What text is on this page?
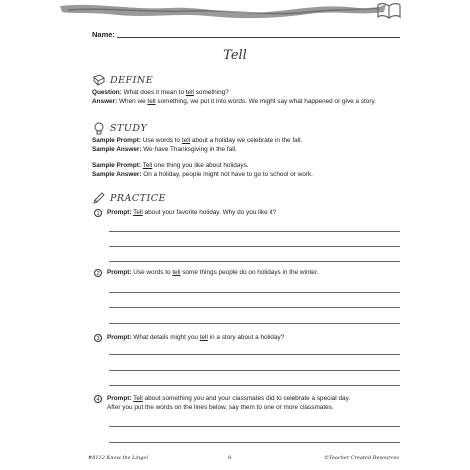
Name:
Tell
DEFINE
Question: What does it mean to tell something?
Answer: When we tell something, we put it into words. We might say what happened or give a story.
STUDY
Sample Prompt: Use words to tell about a holiday we celebrate in the fall.
Sample Answer: We have Thanksgiving in the fall.
Sample Prompt: Tell one thing you like about holidays.
Sample Answer: On a holiday, people might not have to go to school or work.
PRACTICE
1	Prompt: Tell about your favorite holiday. Why do you like it?
2	Prompt: Use words to tell some things people do on holidays in the winter.
3	Prompt: What details might you tell in a story about a holiday?
4	Prompt: Tell about something you and your classmates did to celebrate a special day.
After you put the words on the lines below, say them to one or more classmates.
#8112 Know the Lingo!	8	©Teacher Created Resources
